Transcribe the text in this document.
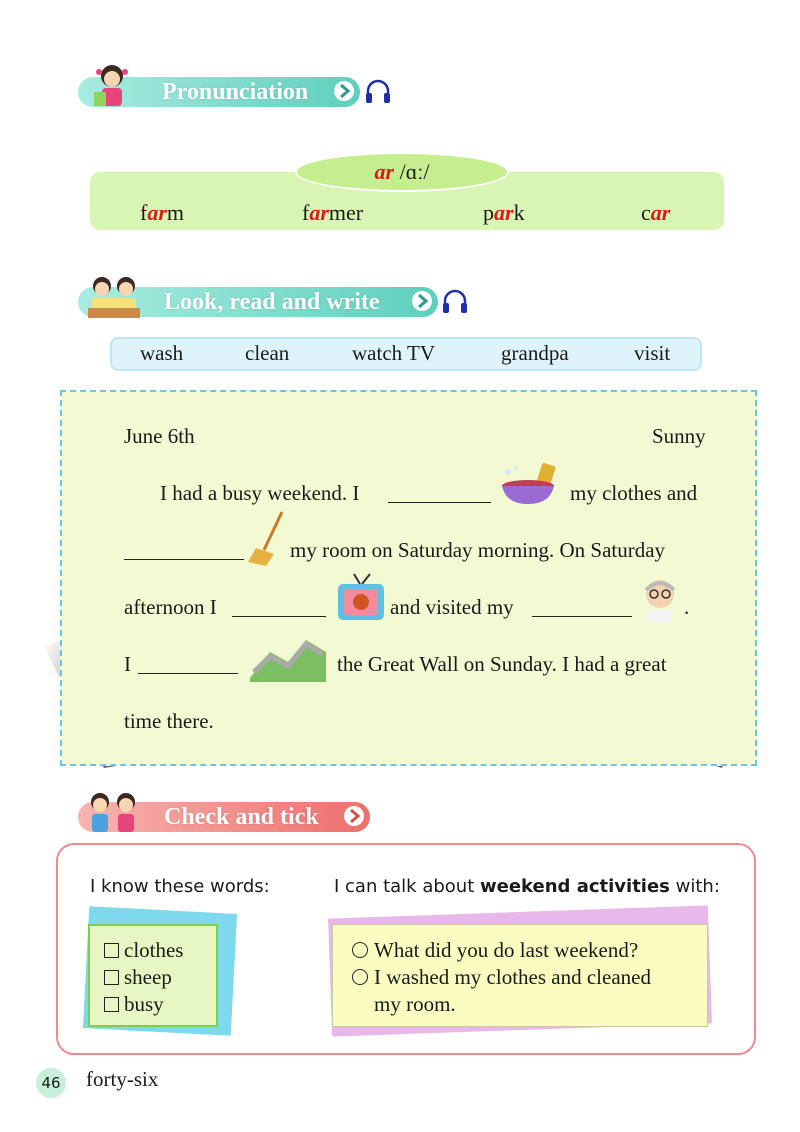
Pronunciation
ar /ɑː/
farm	farmer	park	car
Look, read and write
wash	clean	watch TV	grandpa	visit
June 6th	Sunny
I had a busy weekend. I	my clothes and
my room on Saturday morning. On Saturday
afternoon I	and visited my	.
I	the Great Wall on Sunday. I had a great
time there.
Check and tick
I know these words:	I can talk about weekend activities with:
clothes
sheep
busy
What did you do last weekend?
I washed my clothes and cleaned
my room.
46 forty-six
